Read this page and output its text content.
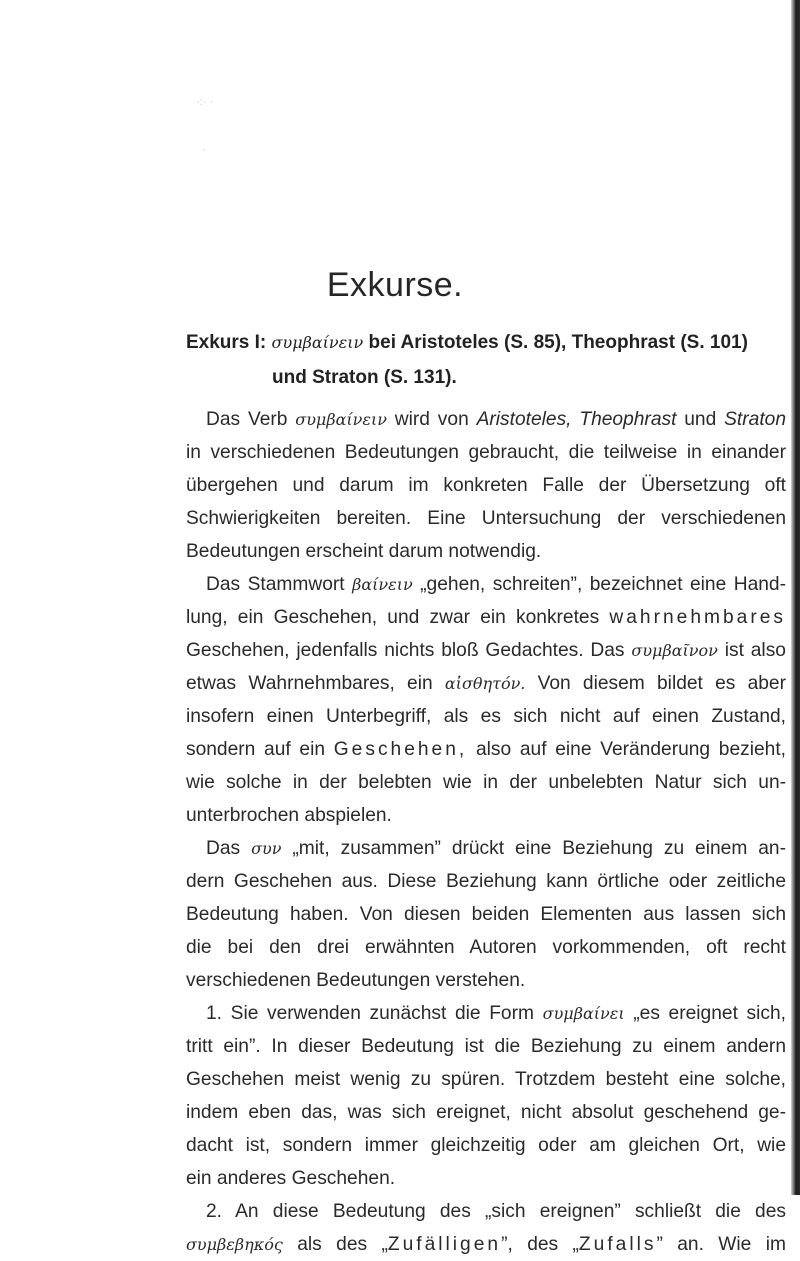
·:· ·
·
Exkurse.
Exkurs I: συμβαίνειν bei Aristoteles (S. 85), Theophrast (S. 101)
und Straton (S. 131).
Das Verb συμβαίνειν wird von Aristoteles, Theophrast und Straton
in verschiedenen Bedeutungen gebraucht, die teilweise in einander
übergehen und darum im konkreten Falle der Übersetzung oft
Schwierigkeiten bereiten. Eine Untersuchung der verschiedenen
Bedeutungen erscheint darum notwendig.
Das Stammwort βαίνειν „gehen, schreiten”, bezeichnet eine Hand-
lung, ein Geschehen, und zwar ein konkretes wahrnehmbares
Geschehen, jedenfalls nichts bloß Gedachtes. Das συμβαῖνον ist also
etwas Wahrnehmbares, ein αἰσθητόν. Von diesem bildet es aber
insofern einen Unterbegriff, als es sich nicht auf einen Zustand,
sondern auf ein Geschehen, also auf eine Veränderung bezieht,
wie solche in der belebten wie in der unbelebten Natur sich un-
unterbrochen abspielen.
Das συν „mit, zusammen” drückt eine Beziehung zu einem an-
dern Geschehen aus. Diese Beziehung kann örtliche oder zeitliche
Bedeutung haben. Von diesen beiden Elementen aus lassen sich
die bei den drei erwähnten Autoren vorkommenden, oft recht
verschiedenen Bedeutungen verstehen.
1. Sie verwenden zunächst die Form συμβαίνει „es ereignet sich,
tritt ein”. In dieser Bedeutung ist die Beziehung zu einem andern
Geschehen meist wenig zu spüren. Trotzdem besteht eine solche,
indem eben das, was sich ereignet, nicht absolut geschehend ge-
dacht ist, sondern immer gleichzeitig oder am gleichen Ort, wie
ein anderes Geschehen.
2. An diese Bedeutung des „sich ereignen” schließt die des
συμβεβηκός als des „Zufälligen”, des „Zufalls” an. Wie im
